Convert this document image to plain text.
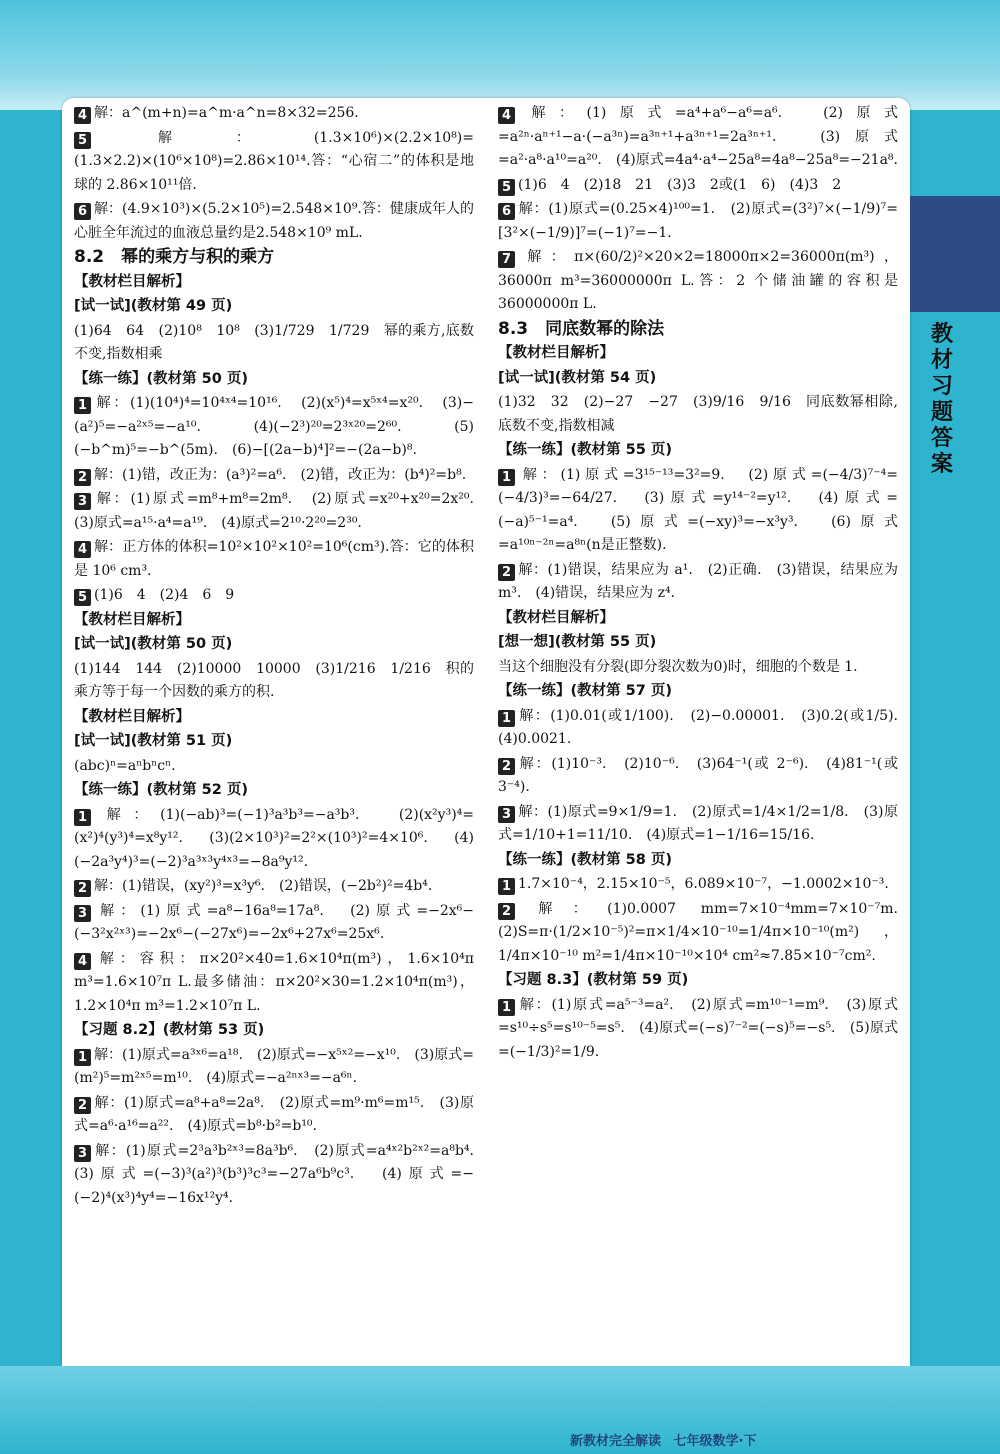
4 解：a^(m+n)=a^m·a^n=8×32=256.

5 解：(1.3×10⁶)×(2.2×10⁸)=(1.3×2.2)×(10⁶×10⁸)=2.86×10¹⁴.答：“心宿二”的体积是地球的 2.86×10¹¹倍.

6 解：(4.9×10³)×(5.2×10⁵)=2.548×10⁹.答：健康成年人的心脏全年流过的血液总量约是2.548×10⁹ mL.

8.2　幂的乘方与积的乘方

【教材栏目解析】

[试一试](教材第 49 页)

(1)64　64　(2)10⁸　10⁸　(3)1/729　1/729　幂的乘方,底数不变,指数相乘

【练一练】(教材第 50 页)

1 解：(1)(10⁴)⁴=10⁴ˣ⁴=10¹⁶.　(2)(x⁵)⁴=x⁵ˣ⁴=x²⁰.　(3)−(a²)⁵=−a²ˣ⁵=−a¹⁰.　(4)(−2³)²⁰=2³ˣ²⁰=2⁶⁰.　(5)(−b^m)⁵=−b^(5m).　(6)−[(2a−b)⁴]²=−(2a−b)⁸.

2 解：(1)错，改正为：(a³)²=a⁶.　(2)错，改正为：(b⁴)²=b⁸.

3 解：(1)原式=m⁸+m⁸=2m⁸.　(2)原式=x²⁰+x²⁰=2x²⁰.　(3)原式=a¹⁵·a⁴=a¹⁹.　(4)原式=2¹⁰·2²⁰=2³⁰.

4 解：正方体的体积=10²×10²×10²=10⁶(cm³).答：它的体积是 10⁶ cm³.

5 (1)6　4　(2)4　6　9

【教材栏目解析】

[试一试](教材第 50 页)

(1)144　144　(2)10000　10000　(3)1/216　1/216　积的乘方等于每一个因数的乘方的积.

【教材栏目解析】

[试一试](教材第 51 页)

(abc)ⁿ=aⁿbⁿcⁿ.

【练一练】(教材第 52 页)

1 解：(1)(−ab)³=(−1)³a³b³=−a³b³.　(2)(x²y³)⁴=(x²)⁴(y³)⁴=x⁸y¹².　(3)(2×10³)²=2²×(10³)²=4×10⁶.　(4)(−2a³y⁴)³=(−2)³a³ˣ³y⁴ˣ³=−8a⁹y¹².

2 解：(1)错误，(xy²)³=x³y⁶.　(2)错误，(−2b²)²=4b⁴.

3 解：(1)原式=a⁸−16a⁸=17a⁸.　(2)原式=−2x⁶−(−3²x²ˣ³)=−2x⁶−(−27x⁶)=−2x⁶+27x⁶=25x⁶.

4 解：容积：π×20²×40=1.6×10⁴π(m³)，1.6×10⁴π m³=1.6×10⁷π L.最多储油：π×20²×30=1.2×10⁴π(m³)，1.2×10⁴π m³=1.2×10⁷π L.

【习题 8.2】(教材第 53 页)

1 解：(1)原式=a³ˣ⁶=a¹⁸.　(2)原式=−x⁵ˣ²=−x¹⁰.　(3)原式=(m²)⁵=m²ˣ⁵=m¹⁰.　(4)原式=−a²ⁿˣ³=−a⁶ⁿ.

2 解：(1)原式=a⁸+a⁸=2a⁸.　(2)原式=m⁹·m⁶=m¹⁵.　(3)原式=a⁶·a¹⁶=a²².　(4)原式=b⁸·b²=b¹⁰.

3 解：(1)原式=2³a³b²ˣ³=8a³b⁶.　(2)原式=a⁴ˣ²b²ˣ²=a⁸b⁴.　(3)原式=(−3)³(a²)³(b³)³c³=−27a⁶b⁹c³.　(4)原式=−(−2)⁴(x³)⁴y⁴=−16x¹²y⁴.

4 解：(1)原式=a⁴+a⁶−a⁶=a⁶.　(2)原式=a²ⁿ·aⁿ⁺¹−a·(−a³ⁿ)=a³ⁿ⁺¹+a³ⁿ⁺¹=2a³ⁿ⁺¹.　(3)原式=a²·a⁸·a¹⁰=a²⁰.　(4)原式=4a⁴·a⁴−25a⁸=4a⁸−25a⁸=−21a⁸.

5 (1)6　4　(2)18　21　(3)3　2或(1　6)　(4)3　2

6 解：(1)原式=(0.25×4)¹⁰⁰=1.　(2)原式=(3²)⁷×(−1/9)⁷=[3²×(−1/9)]⁷=(−1)⁷=−1.

7 解：π×(60/2)²×20×2=18000π×2=36000π(m³)，36000π m³=36000000π L.答：2 个储油罐的容积是 36000000π L.

8.3　同底数幂的除法

【教材栏目解析】

[试一试](教材第 54 页)

(1)32　32　(2)−27　−27　(3)9/16　9/16　同底数幂相除,底数不变,指数相减

【练一练】(教材第 55 页)

1 解：(1)原式=3¹⁵⁻¹³=3²=9.　(2)原式=(−4/3)⁷⁻⁴=(−4/3)³=−64/27.　(3)原式=y¹⁴⁻²=y¹².　(4)原式=(−a)⁵⁻¹=a⁴.　(5)原式=(−xy)³=−x³y³.　(6)原式=a¹⁰ⁿ⁻²ⁿ=a⁸ⁿ(n是正整数).

2 解：(1)错误，结果应为 a¹.　(2)正确.　(3)错误，结果应为 m³.　(4)错误，结果应为 z⁴.

【教材栏目解析】

[想一想](教材第 55 页)

当这个细胞没有分裂(即分裂次数为0)时，细胞的个数是 1.

【练一练】(教材第 57 页)

1 解：(1)0.01(或1/100).　(2)−0.00001.　(3)0.2(或1/5).　(4)0.0021.

2 解：(1)10⁻³.　(2)10⁻⁶.　(3)64⁻¹(或 2⁻⁶).　(4)81⁻¹(或3⁻⁴).

3 解：(1)原式=9×1/9=1.　(2)原式=1/4×1/2=1/8.　(3)原式=1/10+1=11/10.　(4)原式=1−1/16=15/16.

【练一练】(教材第 58 页)

1 1.7×10⁻⁴，2.15×10⁻⁵，6.089×10⁻⁷，−1.0002×10⁻³.

2 解：(1)0.0007 mm=7×10⁻⁴mm=7×10⁻⁷m.　(2)S=π·(1/2×10⁻⁵)²=π×1/4×10⁻¹⁰=1/4π×10⁻¹⁰(m²)，1/4π×10⁻¹⁰ m²=1/4π×10⁻¹⁰×10⁴ cm²≈7.85×10⁻⁷cm².

【习题 8.3】(教材第 59 页)

1 解：(1)原式=a⁵⁻³=a².　(2)原式=m¹⁰⁻¹=m⁹.　(3)原式=s¹⁰÷s⁵=s¹⁰⁻⁵=s⁵.　(4)原式=(−s)⁷⁻²=(−s)⁵=−s⁵.　(5)原式=(−1/3)²=1/9.

教材习题答案
新教材完全解读 七年级数学·下
